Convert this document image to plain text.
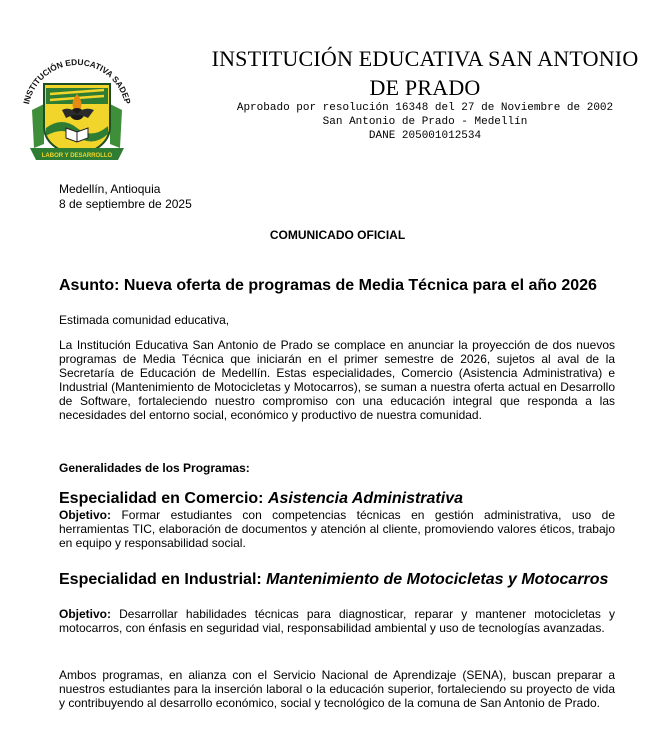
INSTITUCIÓN EDUCATIVA SADEP
LABOR Y DESARROLLO
INSTITUCIÓN EDUCATIVA SAN ANTONIO
DE PRADO
Aprobado por resolución 16348 del 27 de Noviembre de 2002
San Antonio de Prado - Medellín
DANE 205001012534
Medellín, Antioquia
8 de septiembre de 2025
COMUNICADO OFICIAL
Asunto: Nueva oferta de programas de Media Técnica para el año 2026
Estimada comunidad educativa,
La Institución Educativa San Antonio de Prado se complace en anunciar la proyección de dos nuevos programas de Media Técnica que iniciarán en el primer semestre de 2026, sujetos al aval de la Secretaría de Educación de Medellín. Estas especialidades, Comercio (Asistencia Administrativa) e Industrial (Mantenimiento de Motocicletas y Motocarros), se suman a nuestra oferta actual en Desarrollo de Software, fortaleciendo nuestro compromiso con una educación integral que responda a las necesidades del entorno social, económico y productivo de nuestra comunidad.
Generalidades de los Programas:
Especialidad en Comercio: Asistencia Administrativa
Objetivo: Formar estudiantes con competencias técnicas en gestión administrativa, uso de herramientas TIC, elaboración de documentos y atención al cliente, promoviendo valores éticos, trabajo en equipo y responsabilidad social.
Especialidad en Industrial: Mantenimiento de Motocicletas y Motocarros
Objetivo: Desarrollar habilidades técnicas para diagnosticar, reparar y mantener motocicletas y motocarros, con énfasis en seguridad vial, responsabilidad ambiental y uso de tecnologías avanzadas.
Ambos programas, en alianza con el Servicio Nacional de Aprendizaje (SENA), buscan preparar a nuestros estudiantes para la inserción laboral o la educación superior, fortaleciendo su proyecto de vida y contribuyendo al desarrollo económico, social y tecnológico de la comuna de San Antonio de Prado.
